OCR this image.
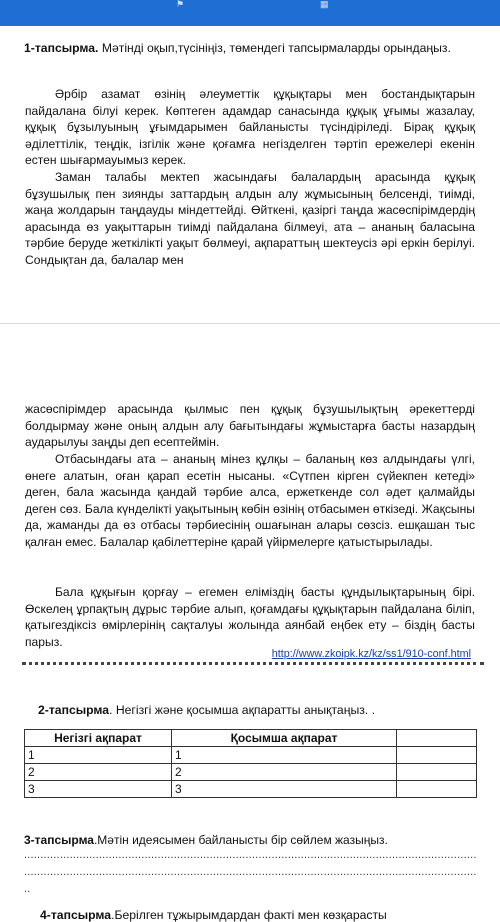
⚑	▦
1-тапсырма. Мәтінді оқып,түсініңіз, төмендегі тапсырмаларды орындаңыз.
Әрбір азамат өзінің әлеуметтік құқықтары мен бостандықтарын пайдалана білуі керек. Көптеген адамдар санасында құқық ұғымы жазалау, құқық бұзылуының ұғымдарымен байланысты түсіндіріледі. Бірақ құқық әділеттілік, теңдік, ізгілік және қоғамға негізделген тәртіп ережелері екенін естен шығармауымыз керек.
Заман талабы мектеп жасындағы балалардың арасында құқық бұзушылық пен зиянды заттардың алдын алу жұмысының белсенді, тиімді, жаңа жолдарын таңдауды міндеттейді. Өйткені, қазіргі таңда жасөспірімдердің арасында өз уақыттарын тиімді пайдалана білмеуі, ата – ананың баласына тәрбие беруде жеткілікті уақыт бөлмеуі, ақпараттың шектеусіз әрі еркін берілуі. Сондықтан да, балалар мен
жасөспірімдер арасында қылмыс пен құқық бұзушылықтың әрекеттерді болдырмау және оның алдын алу бағытындағы жұмыстарға басты назардың аударылуы заңды деп есептеймін.
Отбасындағы ата – ананың мінез құлқы – баланың көз алдындағы үлгі, өнеге алатын, оған қарап есетін нысаны. «Сүтпен кірген сүйекпен кетеді» деген, бала жасында қандай тәрбие алса, ержеткенде сол әдет қалмайды деген сөз. Бала күнделікті уақытының көбін өзінің отбасымен өткізеді. Жақсыны да, жаманды да өз отбасы тәрбиесінің ошағынан алары сөзсіз. ешқашан тыс қалған емес. Балалар қабілеттеріне қарай үйірмелерге қатыстырылады.
Бала құқығын қорғау – егемен еліміздің басты құндылықтарының бірі. Өскелең ұрпақтың дұрыс тәрбие алып, қоғамдағы құқықтарын пайдалана біліп, қатыгездіксіз өмірлерінің сақталуы жолында аянбай еңбек ету – біздің басты парыз.
http://www.zkoipk.kz/kz/ss1/910-conf.html
2-тапсырма. Негізгі және қосымша ақпаратты анықтаңыз. .
Негізгі ақпарат	Қосымша ақпарат	
1	1	
2	2	
3	3	
3-тапсырма.Мәтін идеясымен байланысты бір сөйлем жазыңыз.
...........................................................................................................................................
...........................................................................................................................................
..
4-тапсырма.Берілген тұжырымдардан факті мен көзқарасты
